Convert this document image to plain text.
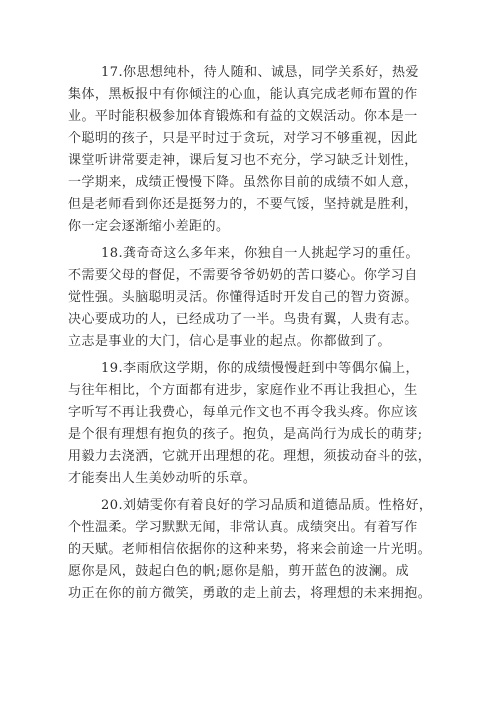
17.你思想纯朴，待人随和、诚恳，同学关系好，热爱
集体，黑板报中有你倾注的心血，能认真完成老师布置的作
业。平时能积极参加体育锻炼和有益的文娱活动。你本是一
个聪明的孩子，只是平时过于贪玩，对学习不够重视，因此
课堂听讲常要走神，课后复习也不充分，学习缺乏计划性，
一学期来，成绩正慢慢下降。虽然你目前的成绩不如人意，
但是老师看到你还是挺努力的，不要气馁，坚持就是胜利，
你一定会逐渐缩小差距的。
18.龚奇奇这么多年来，你独自一人挑起学习的重任。
不需要父母的督促，不需要爷爷奶奶的苦口婆心。你学习自
觉性强。头脑聪明灵活。你懂得适时开发自己的智力资源。
决心要成功的人，已经成功了一半。鸟贵有翼，人贵有志。
立志是事业的大门，信心是事业的起点。你都做到了。
19.李雨欣这学期，你的成绩慢慢赶到中等偶尔偏上，
与往年相比，个方面都有进步，家庭作业不再让我担心，生
字听写不再让我费心，每单元作文也不再令我头疼。你应该
是个很有理想有抱负的孩子。抱负，是高尚行为成长的萌芽;
用毅力去浇洒，它就开出理想的花。理想，须拔动奋斗的弦，
才能奏出人生美妙动听的乐章。
20.刘婧雯你有着良好的学习品质和道德品质。性格好，
个性温柔。学习默默无闻，非常认真。成绩突出。有着写作
的天赋。老师相信依据你的这种来势，将来会前途一片光明。
愿你是风，鼓起白色的帆;愿你是船，剪开蓝色的波澜。成
功正在你的前方微笑，勇敢的走上前去，将理想的未来拥抱。
